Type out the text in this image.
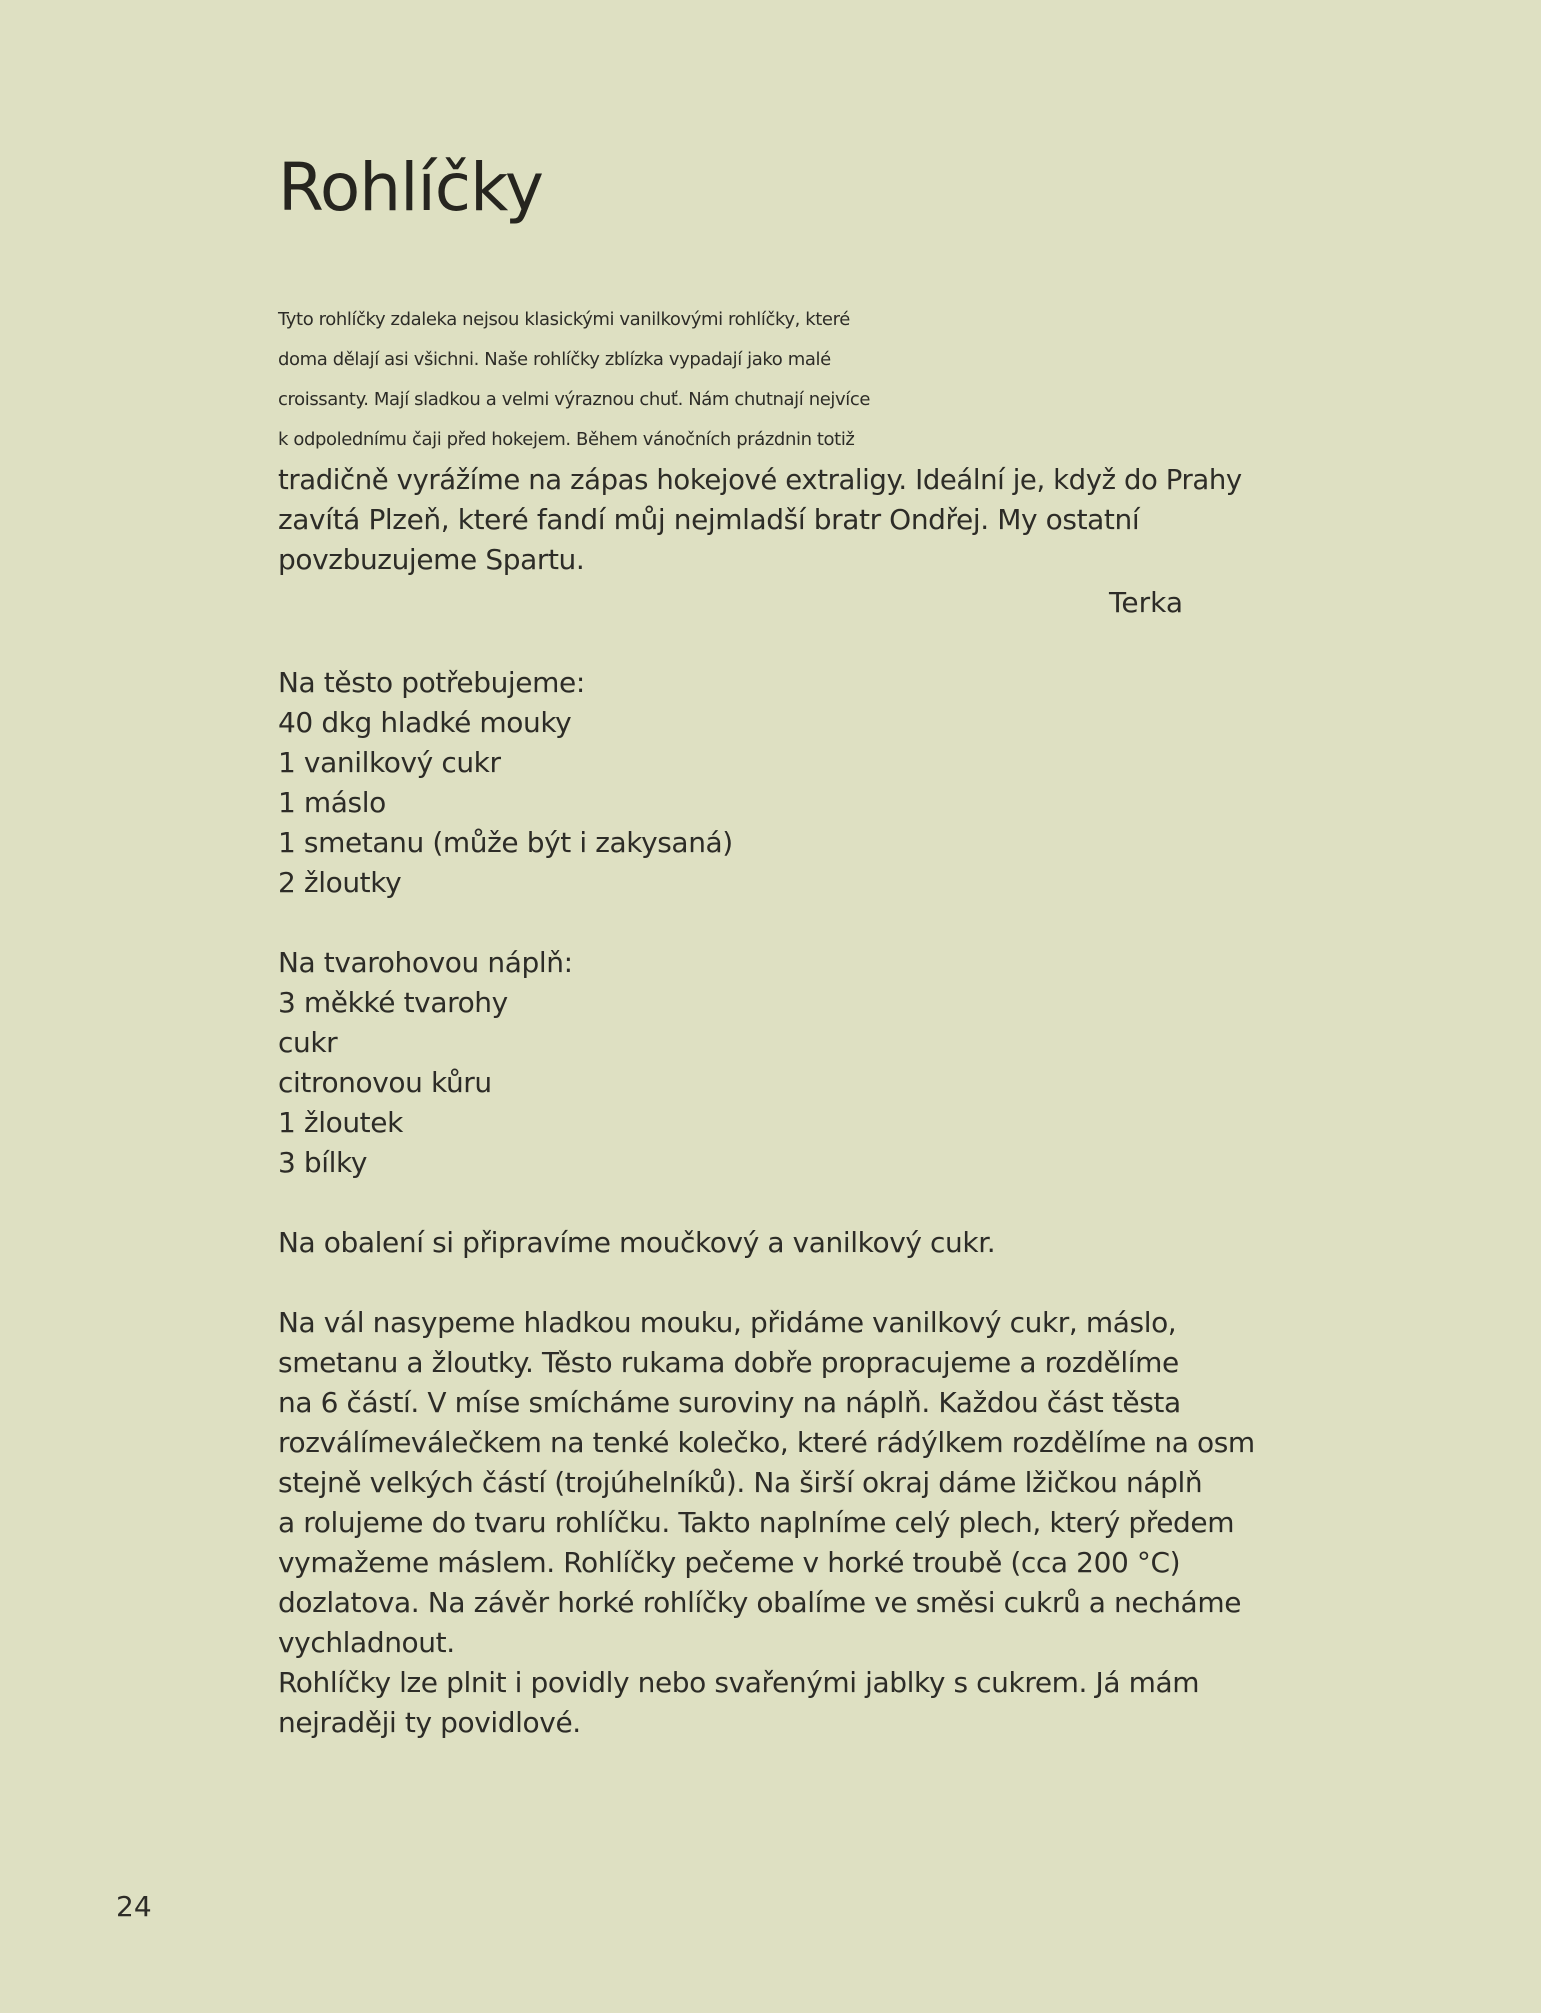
Rohlíčky
Tyto rohlíčky zdaleka nejsou klasickými vanilkovými rohlíčky, které
doma dělají asi všichni. Naše rohlíčky zblízka vypadají jako malé
croissanty. Mají sladkou a velmi výraznou chuť. Nám chutnají nejvíce
k odpolednímu čaji před hokejem. Během vánočních prázdnin totiž
tradičně vyrážíme na zápas hokejové extraligy. Ideální je, když do Prahy
zavítá Plzeň, které fandí můj nejmladší bratr Ondřej. My ostatní
povzbuzujeme Spartu.
Terka
Na těsto potřebujeme:
40 dkg hladké mouky
1 vanilkový cukr
1 máslo
1 smetanu (může být i zakysaná)
2 žloutky
Na tvarohovou náplň:
3 měkké tvarohy
cukr
citronovou kůru
1 žloutek
3 bílky
Na obalení si připravíme moučkový a vanilkový cukr.
Na vál nasypeme hladkou mouku, přidáme vanilkový cukr, máslo,
smetanu a žloutky. Těsto rukama dobře propracujeme a rozdělíme
na 6 částí. V míse smícháme suroviny na náplň. Každou část těsta
rozválímeválečkem na tenké kolečko, které rádýlkem rozdělíme na osm
stejně velkých částí (trojúhelníků). Na širší okraj dáme lžičkou náplň
a rolujeme do tvaru rohlíčku. Takto naplníme celý plech, který předem
vymažeme máslem. Rohlíčky pečeme v horké troubě (cca 200 °C)
dozlatova. Na závěr horké rohlíčky obalíme ve směsi cukrů a necháme
vychladnout.
Rohlíčky lze plnit i povidly nebo svařenými jablky s cukrem. Já mám
nejraději ty povidlové.
24
